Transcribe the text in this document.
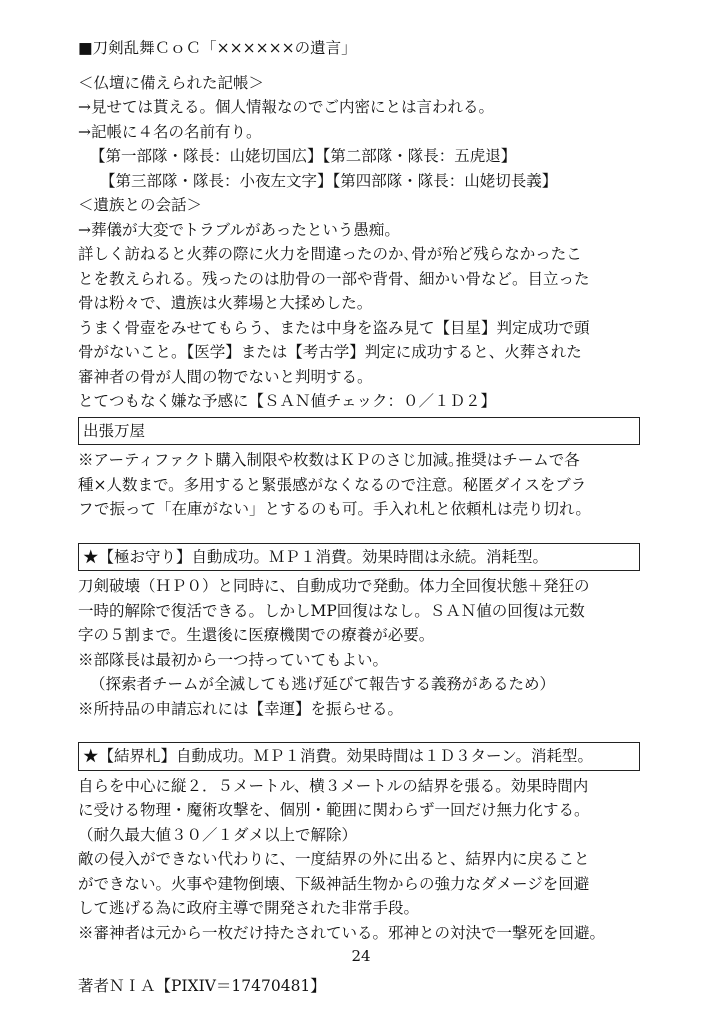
■刀剣乱舞ＣｏＣ「××××××の遺言」

＜仏壇に備えられた記帳＞

→見せては貰える。個人情報なのでご内密にとは言われる。

→記帳に４名の名前有り。

【第一部隊・隊長：山姥切国広】【第二部隊・隊長：五虎退】

【第三部隊・隊長：小夜左文字】【第四部隊・隊長：山姥切長義】

＜遺族との会話＞

→葬儀が大変でトラブルがあったという愚痴。

詳しく訪ねると火葬の際に火力を間違ったのか､骨が殆ど残らなかったこ

とを教えられる。残ったのは肋骨の一部や背骨、細かい骨など。目立った

骨は粉々で、遺族は火葬場と大揉めした。

うまく骨壺をみせてもらう、または中身を盗み見て【目星】判定成功で頭

骨がないこと。【医学】または【考古学】判定に成功すると、火葬された

審神者の骨が人間の物でないと判明する。

とてつもなく嫌な予感に【ＳＡＮ値チェック：０／１Ｄ２】

出張万屋

※アーティファクト購入制限や枚数はＫＰのさじ加減｡推奨はチームで各

種×人数まで。多用すると緊張感がなくなるので注意。秘匿ダイスをブラ

フで振って「在庫がない」とするのも可。手入れ札と依頼札は売り切れ。

★【極お守り】自動成功。ＭＰ１消費。効果時間は永続。消耗型。

刀剣破壊（ＨＰ０）と同時に、自動成功で発動。体力全回復状態＋発狂の

一時的解除で復活できる。しかしMP回復はなし。ＳＡＮ値の回復は元数

字の５割まで。生還後に医療機関での療養が必要。

※部隊長は最初から一つ持っていてもよい。

（探索者チームが全滅しても逃げ延びて報告する義務があるため）

※所持品の申請忘れには【幸運】を振らせる。

★【結界札】自動成功。ＭＰ１消費。効果時間は１Ｄ３ターン。消耗型。

自らを中心に縦２．５メートル、横３メートルの結界を張る。効果時間内

に受ける物理・魔術攻撃を、個別・範囲に関わらず一回だけ無力化する。

（耐久最大値３０／１ダメ以上で解除）

敵の侵入ができない代わりに、一度結界の外に出ると、結界内に戻ること

ができない。火事や建物倒壊、下級神話生物からの強力なダメージを回避

して逃げる為に政府主導で開発された非常手段。

※審神者は元から一枚だけ持たされている。邪神との対決で一撃死を回避。

24
著者ＮＩＡ【PIXIV＝17470481】
